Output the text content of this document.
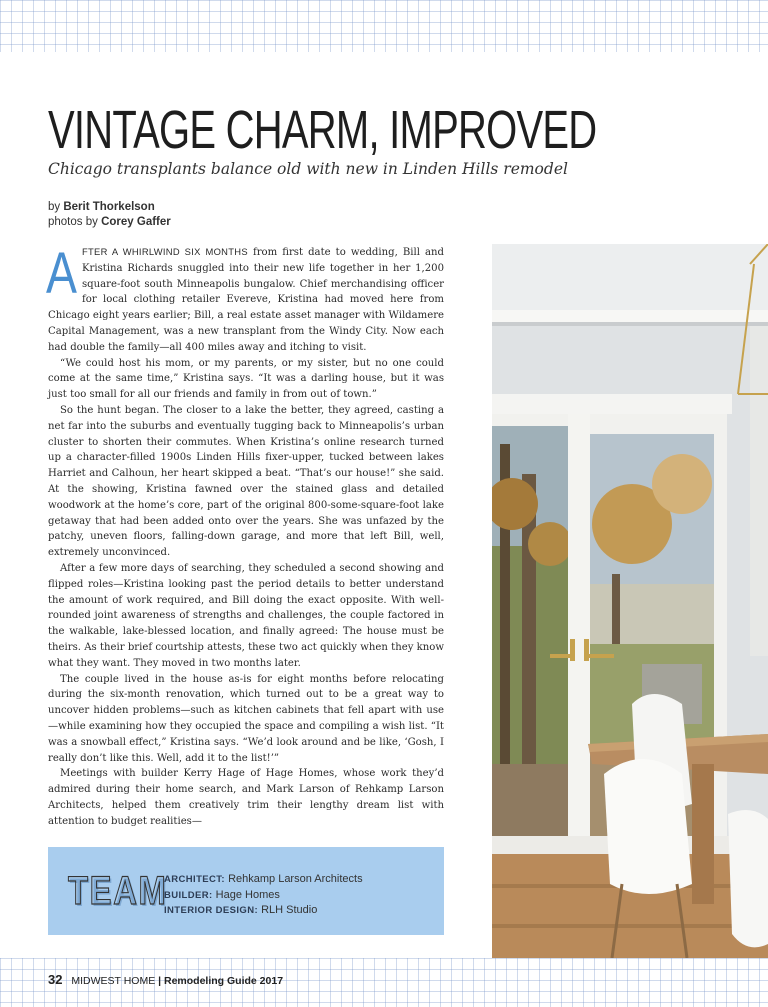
VINTAGE CHARM, IMPROVED

Chicago transplants balance old with new in Linden Hills remodel

by Berit Thorkelson
photos by Corey Gaffer

AFTER A WHIRLWIND SIX MONTHS from first date to wedding, Bill and Kristina Richards snuggled into their new life together in her 1,200 square-foot south Minneapolis bungalow. Chief merchandising officer for local clothing retailer Evereve, Kristina had moved here from Chicago eight years earlier; Bill, a real estate asset manager with Wildamere Capital Management, was a new transplant from the Windy City. Now each had double the family—all 400 miles away and itching to visit.

“We could host his mom, or my parents, or my sister, but no one could come at the same time,” Kristina says. “It was a darling house, but it was just too small for all our friends and family in from out of town.”

So the hunt began. The closer to a lake the better, they agreed, casting a net far into the suburbs and eventually tugging back to Minneapolis’s urban cluster to shorten their commutes. When Kristina’s online research turned up a character-filled 1900s Linden Hills fixer-upper, tucked between lakes Harriet and Calhoun, her heart skipped a beat. “That’s our house!” she said. At the showing, Kristina fawned over the stained glass and detailed woodwork at the home’s core, part of the original 800-some-square-foot lake getaway that had been added onto over the years. She was unfazed by the patchy, uneven floors, falling-down garage, and more that left Bill, well, extremely unconvinced.

After a few more days of searching, they scheduled a second showing and flipped roles—Kristina looking past the period details to better understand the amount of work required, and Bill doing the exact opposite. With well-rounded joint awareness of strengths and challenges, the couple factored in the walkable, lake-blessed location, and finally agreed: The house must be theirs. As their brief courtship attests, these two act quickly when they know what they want. They moved in two months later.

The couple lived in the house as-is for eight months before relocating during the six-month renovation, which turned out to be a great way to uncover hidden problems—such as kitchen cabinets that fell apart with use—while examining how they occupied the space and compiling a wish list. “It was a snowball effect,” Kristina says. “We’d look around and be like, ‘Gosh, I really don’t like this. Well, add it to the list!’”

Meetings with builder Kerry Hage of Hage Homes, whose work they’d admired during their home search, and Mark Larson of Rehkamp Larson Architects, helped them creatively trim their lengthy dream list with attention to budget realities—

TEAM
ARCHITECT: Rehkamp Larson Architects
BUILDER: Hage Homes
INTERIOR DESIGN: RLH Studio
32 MIDWEST HOME | Remodeling Guide 2017
